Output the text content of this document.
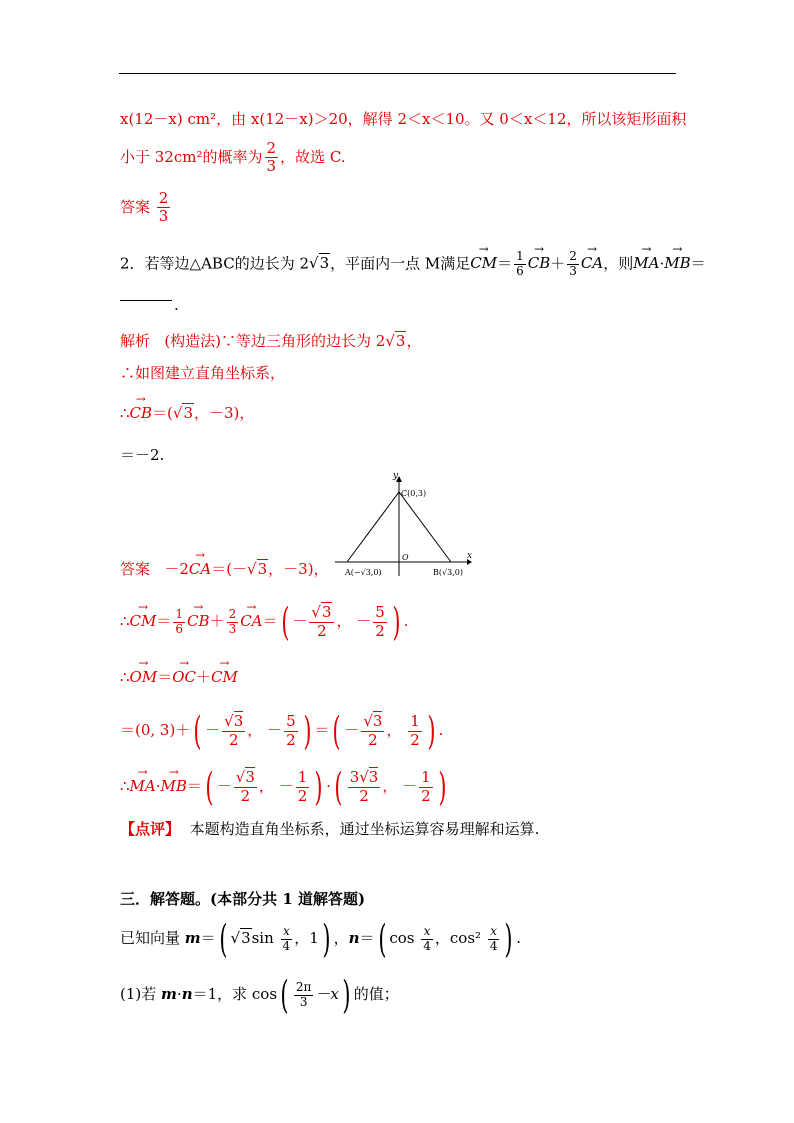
x(12－x) cm²，由 x(12－x)＞20，解得 2＜x＜10。又 0＜x＜12，所以该矩形面积
小于 32cm²的概率为 $\frac{2}{3}$ ，故选 C.
答案 $\frac{2}{3}$
2．若等边△ABC的边长为 2√3，平面内一点 M满足→ $CM= \frac{1}{6}$
→ $CB+ \frac{2}{3}$
→ CA，则→ MA·→ MB＝
.
解析 (构造法)∵等边三角形的边长为 2√3，
∴如图建立直角坐标系，
∴→ CB＝(√3，－3)，
＝－2.
y
x
C(0,3)
O
A(−√3,0)	B(√3,0)
答案 －2→ CA＝(－√3，－3)，
∴→ $CM= \frac{1}{6}$
→ $CB+ \frac{2}{3}$
→ $CA=( - \frac{√3}{2}$ ， － $\frac{5}{2}$ ) .
∴→ OM＝→ OC＋→ CM
＝(0, $3)+( - \frac{√3}{2}$ ， － $\frac{5}{2}$ ) ＝( － $\frac{√3}{2}$ ， $\frac{1}{2}$ ) .
∴→ $MA\cdot\to MB=( - \frac{√3}{2}$ ， － $\frac{1}{2}$ ) ·( $\frac{3√3}{2}$ ， － $\frac{1}{2}$ )
【点评】 本题构造直角坐标系，通过坐标运算容易理解和运算.
三．解答题。(本部分共 1 道解答题)
已知向量 m＝( $√3\sin \frac{x}{4}$ ，1) ，n＝( $\cos \frac{x}{4}$ ，$\cos^2 \frac{x}{4}$ ) .
(1)若 m·n＝1，求 $\cos( \frac{2\pi}{3} -x)$ 的值；
